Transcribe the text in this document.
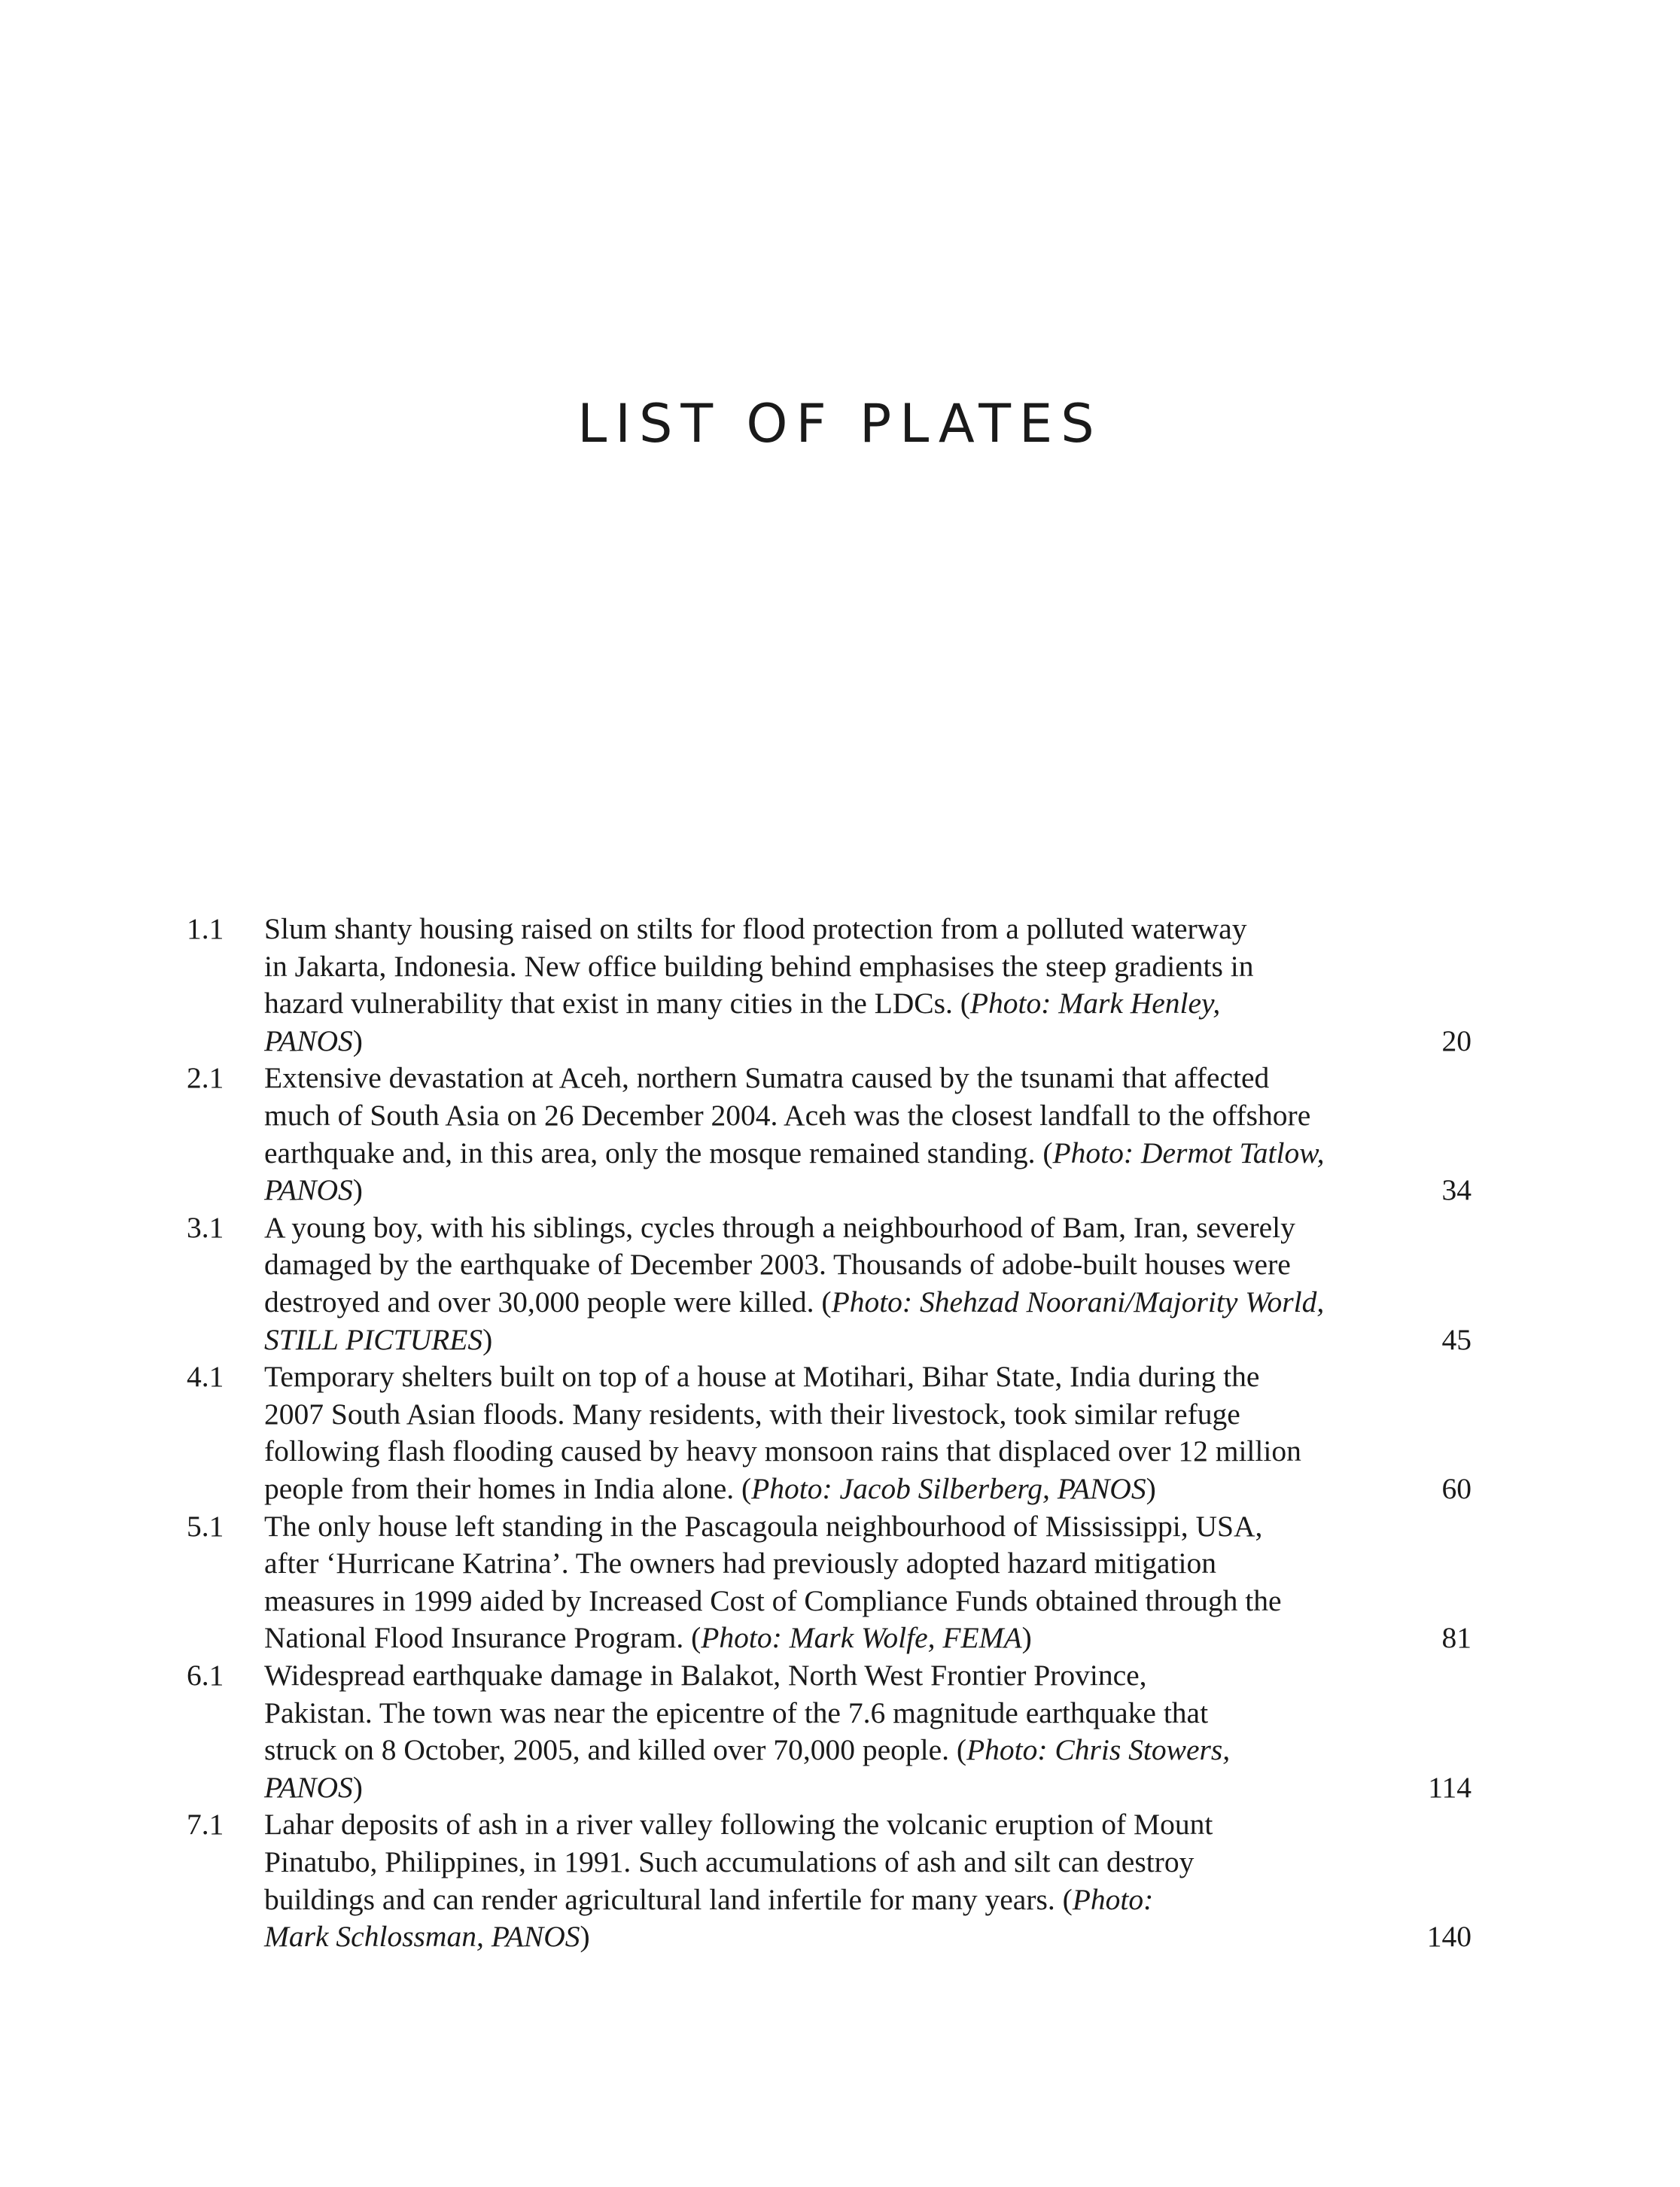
LIST OF PLATES
1.1 Slum shanty housing raised on stilts for flood protection from a polluted waterway
in Jakarta, Indonesia. New office building behind emphasises the steep gradients in
hazard vulnerability that exist in many cities in the LDCs. (Photo: Mark Henley,
PANOS)	20
2.1 Extensive devastation at Aceh, northern Sumatra caused by the tsunami that affected
much of South Asia on 26 December 2004. Aceh was the closest landfall to the offshore
earthquake and, in this area, only the mosque remained standing. (Photo: Dermot Tatlow,
PANOS)	34
3.1 A young boy, with his siblings, cycles through a neighbourhood of Bam, Iran, severely
damaged by the earthquake of December 2003. Thousands of adobe-built houses were
destroyed and over 30,000 people were killed. (Photo: Shehzad Noorani/Majority World,
STILL PICTURES)	45
4.1 Temporary shelters built on top of a house at Motihari, Bihar State, India during the
2007 South Asian floods. Many residents, with their livestock, took similar refuge
following flash flooding caused by heavy monsoon rains that displaced over 12 million
people from their homes in India alone. (Photo: Jacob Silberberg, PANOS)	60
5.1 The only house left standing in the Pascagoula neighbourhood of Mississippi, USA,
after ‘Hurricane Katrina’. The owners had previously adopted hazard mitigation
measures in 1999 aided by Increased Cost of Compliance Funds obtained through the
National Flood Insurance Program. (Photo: Mark Wolfe, FEMA)	81
6.1 Widespread earthquake damage in Balakot, North West Frontier Province,
Pakistan. The town was near the epicentre of the 7.6 magnitude earthquake that
struck on 8 October, 2005, and killed over 70,000 people. (Photo: Chris Stowers,
PANOS)	114
7.1 Lahar deposits of ash in a river valley following the volcanic eruption of Mount
Pinatubo, Philippines, in 1991. Such accumulations of ash and silt can destroy
buildings and can render agricultural land infertile for many years. (Photo:
Mark Schlossman, PANOS)	140
